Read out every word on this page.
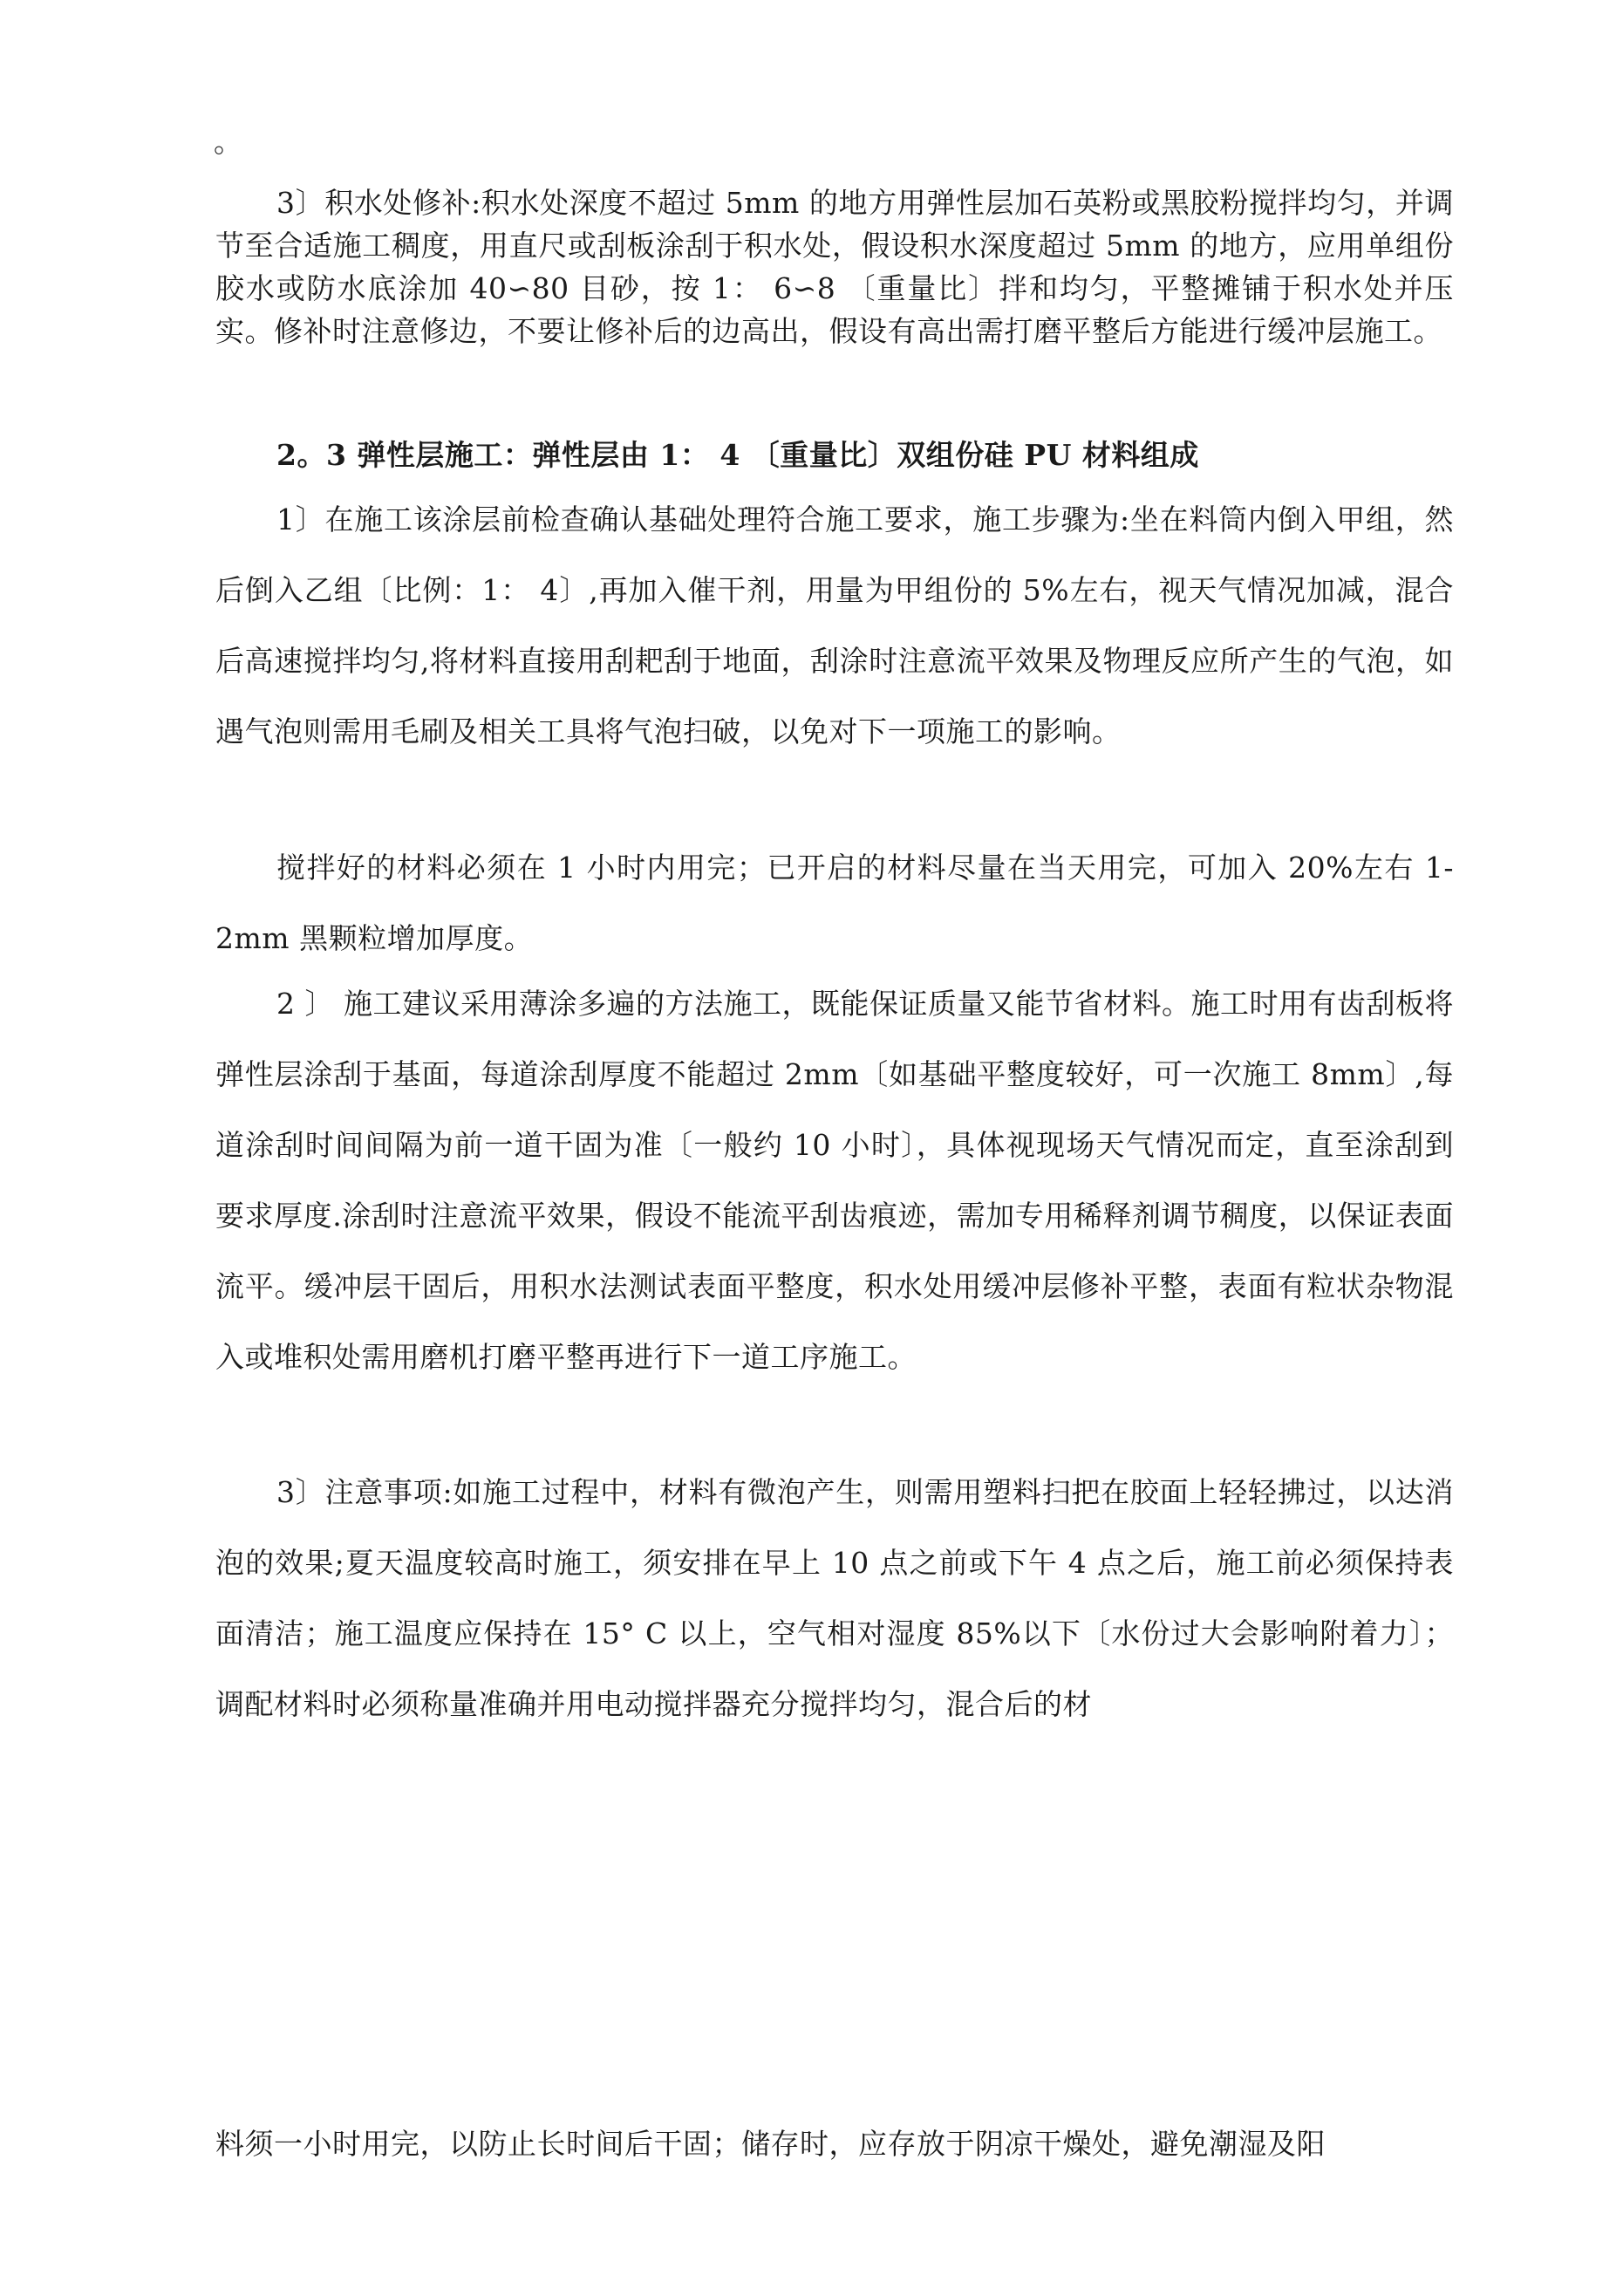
。

3〕积水处修补:积水处深度不超过 5mm 的地方用弹性层加石英粉或黑胶粉搅拌均匀，并调节至合适施工稠度，用直尺或刮板涂刮于积水处，假设积水深度超过 5mm 的地方，应用单组份胶水或防水底涂加 40∽80 目砂，按 1： 6∽8 〔重量比〕拌和均匀，平整摊铺于积水处并压实。修补时注意修边，不要让修补后的边高出，假设有高出需打磨平整后方能进行缓冲层施工。

2。3 弹性层施工：弹性层由 1： 4 〔重量比〕双组份硅 PU 材料组成

1〕在施工该涂层前检查确认基础处理符合施工要求，施工步骤为:坐在料筒内倒入甲组，然后倒入乙组〔比例：1： 4〕,再加入催干剂，用量为甲组份的 5%左右，视天气情况加减，混合后高速搅拌均匀,将材料直接用刮耙刮于地面，刮涂时注意流平效果及物理反应所产生的气泡，如遇气泡则需用毛刷及相关工具将气泡扫破，以免对下一项施工的影响。

搅拌好的材料必须在 1 小时内用完；已开启的材料尽量在当天用完，可加入 20%左右 1-2mm 黑颗粒增加厚度。

2 〕 施工建议采用薄涂多遍的方法施工，既能保证质量又能节省材料。施工时用有齿刮板将弹性层涂刮于基面，每道涂刮厚度不能超过 2mm〔如基础平整度较好，可一次施工 8mm〕,每道涂刮时间间隔为前一道干固为准〔一般约 10 小时〕，具体视现场天气情况而定，直至涂刮到要求厚度.涂刮时注意流平效果，假设不能流平刮齿痕迹，需加专用稀释剂调节稠度，以保证表面流平。缓冲层干固后，用积水法测试表面平整度，积水处用缓冲层修补平整，表面有粒状杂物混入或堆积处需用磨机打磨平整再进行下一道工序施工。

3〕注意事项:如施工过程中，材料有微泡产生，则需用塑料扫把在胶面上轻轻拂过，以达消泡的效果;夏天温度较高时施工，须安排在早上 10 点之前或下午 4 点之后，施工前必须保持表面清洁；施工温度应保持在 15° C 以上，空气相对湿度 85%以下〔水份过大会影响附着力〕；调配材料时必须称量准确并用电动搅拌器充分搅拌均匀，混合后的材

料须一小时用完，以防止长时间后干固；储存时，应存放于阴凉干燥处，避免潮湿及阳
